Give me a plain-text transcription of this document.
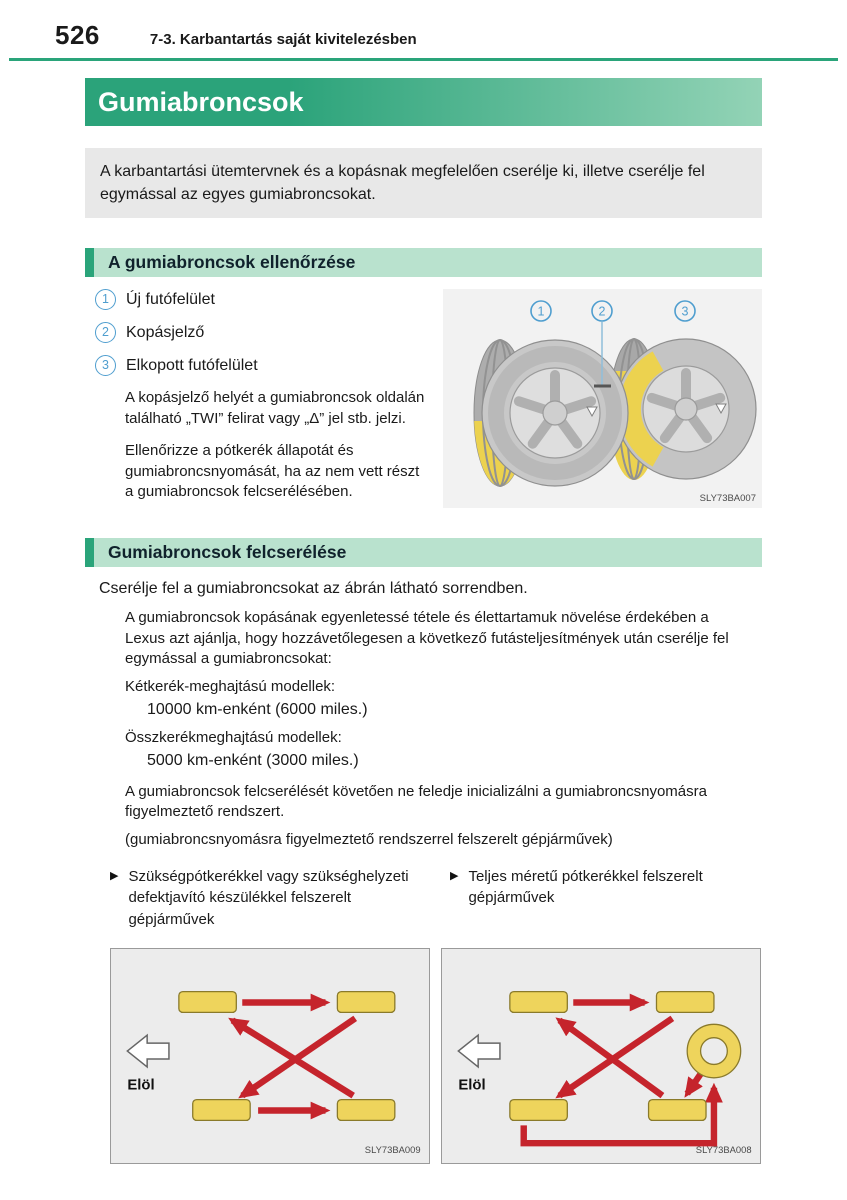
526	7-3. Karbantartás saját kivitelezésben
Gumiabroncsok
A karbantartási ütemtervnek és a kopásnak megfelelően cserélje ki, illetve cserélje fel egymással az egyes gumiabroncsokat.
A gumiabroncsok ellenőrzése
1	Új futófelület
2	Kopásjelző
3	Elkopott futófelület
A kopásjelző helyét a gumiabroncsok oldalán található „TWI” felirat vagy „Δ” jel stb. jelzi.
Ellenőrizze a pótkerék állapotát és gumiabroncsnyomását, ha az nem vett részt a gumiabroncsok felcserélésében.
1	2	3
SLY73BA007
Gumiabroncsok felcserélése
Cserélje fel a gumiabroncsokat az ábrán látható sorrendben.
A gumiabroncsok kopásának egyenletessé tétele és élettartamuk növelése érdekében a Lexus azt ajánlja, hogy hozzávetőlegesen a következő futásteljesítmények után cserélje fel egymással a gumiabroncsokat:
Kétkerék-meghajtású modellek:
10000 km-enként (6000 miles.)
Összkerékmeghajtású modellek:
5000 km-enként (3000 miles.)
A gumiabroncsok felcserélését követően ne feledje inicializálni a gumiabroncsnyomásra figyelmeztető rendszert.
(gumiabroncsnyomásra figyelmeztető rendszerrel felszerelt gépjárművek)
▶ Szükségpótkerékkel vagy szükséghelyzeti defektjavító készülékkel felszerelt gépjárművek
▶ Teljes méretű pótkerékkel felszerelt gépjárművek
Elöl
SLY73BA009
Elöl
SLY73BA008
